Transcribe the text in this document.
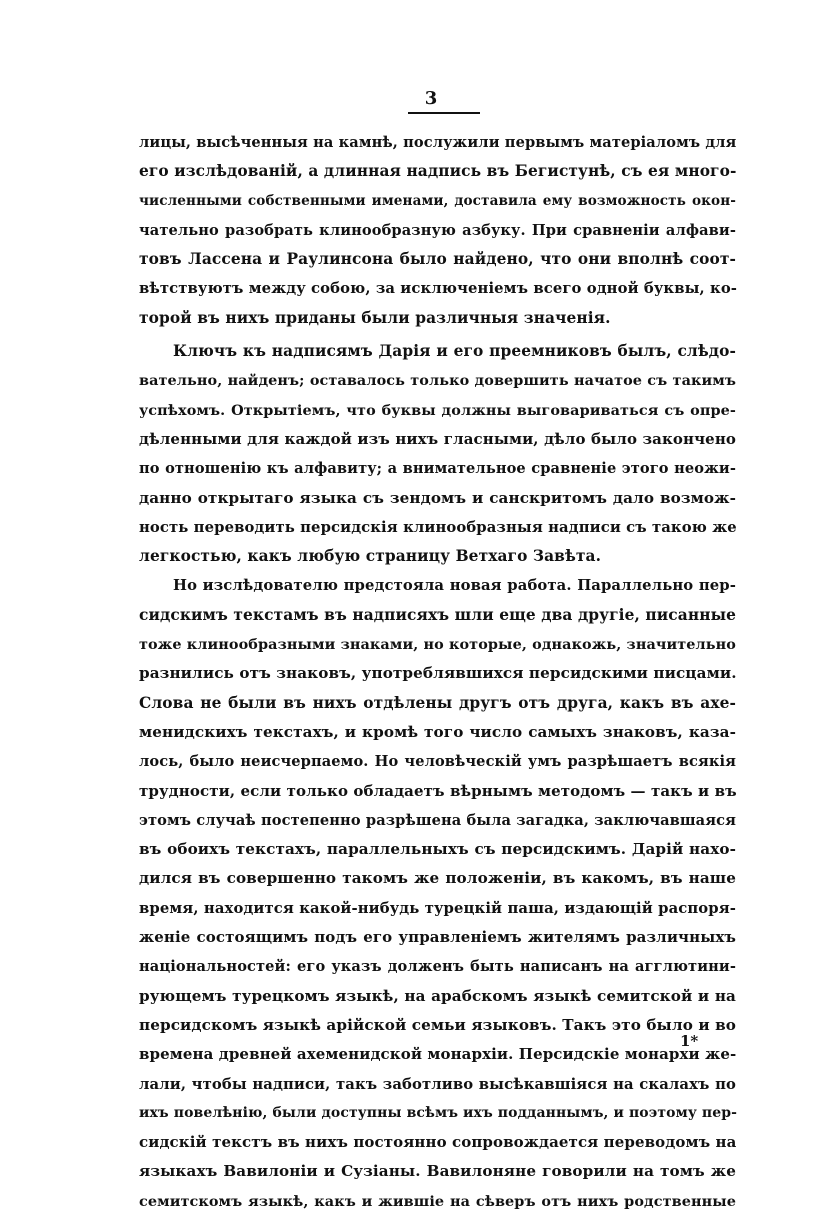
3
лицы, высѣченныя на камнѣ, послужили первымъ матеріаломъ для
его изслѣдованій, а длинная надпись въ Бегистунѣ, съ ея много-
численными собственными именами, доставила ему возможность окон-
чательно разобрать клинообразную азбуку. При сравненіи алфави-
товъ Лассена и Раулинсона было найдено, что они вполнѣ соот-
вѣтствуютъ между собою, за исключеніемъ всего одной буквы, ко-
торой въ нихъ приданы были различныя значенія.
Ключъ къ надписямъ Дарія и его преемниковъ былъ, слѣдо-
вательно, найденъ; оставалось только довершить начатое съ такимъ
успѣхомъ. Открытіемъ, что буквы должны выговариваться съ опре-
дѣленными для каждой изъ нихъ гласными, дѣло было закончено
по отношенію къ алфавиту; а внимательное сравненіе этого неожи-
данно открытаго языка съ зендомъ и санскритомъ дало возмож-
ность переводить персидскія клинообразныя надписи съ такою же
легкостью, какъ любую страницу Ветхаго Завѣта.
Но изслѣдователю предстояла новая работа. Параллельно пер-
сидскимъ текстамъ въ надписяхъ шли еще два другіе, писанные
тоже клинообразными знаками, но которые, однакожь, значительно
разнились отъ знаковъ, употреблявшихся персидскими писцами.
Слова не были въ нихъ отдѣлены другъ отъ друга, какъ въ ахе-
менидскихъ текстахъ, и кромѣ того число самыхъ знаковъ, каза-
лось, было неисчерпаемо. Но человѣческій умъ разрѣшаетъ всякія
трудности, если только обладаетъ вѣрнымъ методомъ — такъ и въ
этомъ случаѣ постепенно разрѣшена была загадка, заключавшаяся
въ обоихъ текстахъ, параллельныхъ съ персидскимъ. Дарій нахо-
дился въ совершенно такомъ же положеніи, въ какомъ, въ наше
время, находится какой-нибудь турецкій паша, издающій распоря-
женіе состоящимъ подъ его управленіемъ жителямъ различныхъ
національностей: его указъ долженъ быть написанъ на агглютини-
рующемъ турецкомъ языкѣ, на арабскомъ языкѣ семитской и на
персидскомъ языкѣ арійской семьи языковъ. Такъ это было и во
времена древней ахеменидской монархіи. Персидскіе монархи же-
лали, чтобы надписи, такъ заботливо высѣкавшіяся на скалахъ по
ихъ повелѣнію, были доступны всѣмъ ихъ подданнымъ, и поэтому пер-
сидскій текстъ въ нихъ постоянно сопровождается переводомъ на
языкахъ Вавилоніи и Сузіаны. Вавилоняне говорили на томъ же
семитскомъ языкѣ, какъ и жившіе на сѣверъ отъ нихъ родственные
1*
